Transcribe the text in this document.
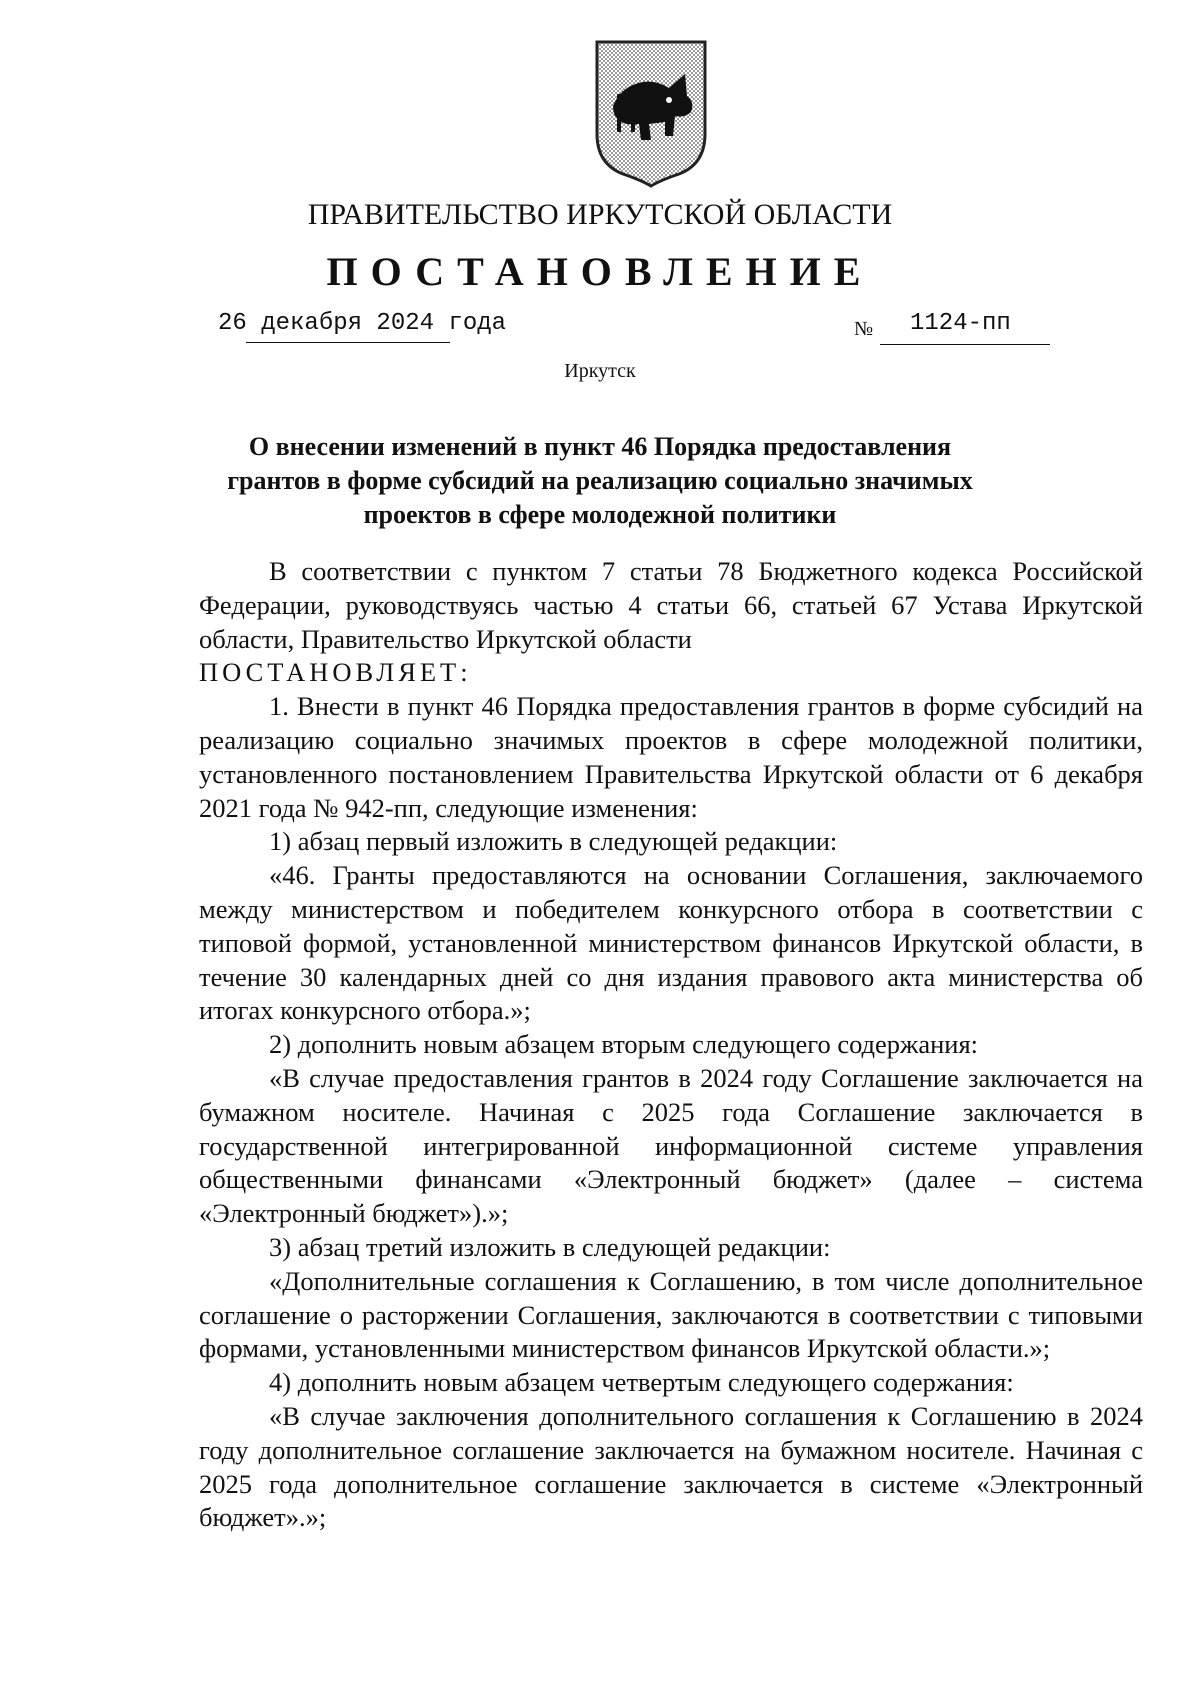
ПРАВИТЕЛЬСТВО ИРКУТСКОЙ ОБЛАСТИ
ПОСТАНОВЛЕНИЕ
26 декабря 2024 года	№ 1124-пп
Иркутск
О внесении изменений в пункт 46 Порядка предоставления грантов в форме субсидий на реализацию социально значимых проектов в сфере молодежной политики

В соответствии с пунктом 7 статьи 78 Бюджетного кодекса Российской Федерации, руководствуясь частью 4 статьи 66, статьей 67 Устава Иркутской области, Правительство Иркутской области

ПОСТАНОВЛЯЕТ:

1. Внести в пункт 46 Порядка предоставления грантов в форме субсидий на реализацию социально значимых проектов в сфере молодежной политики, установленного постановлением Правительства Иркутской области от 6 декабря 2021 года № 942-пп, следующие изменения:

1) абзац первый изложить в следующей редакции:

«46. Гранты предоставляются на основании Соглашения, заключаемого между министерством и победителем конкурсного отбора в соответствии с типовой формой, установленной министерством финансов Иркутской области, в течение 30 календарных дней со дня издания правового акта министерства об итогах конкурсного отбора.»;

2) дополнить новым абзацем вторым следующего содержания:

«В случае предоставления грантов в 2024 году Соглашение заключается на бумажном носителе. Начиная с 2025 года Соглашение заключается в государственной интегрированной информационной системе управления общественными финансами «Электронный бюджет» (далее – система «Электронный бюджет»).»;

3) абзац третий изложить в следующей редакции:

«Дополнительные соглашения к Соглашению, в том числе дополнительное соглашение о расторжении Соглашения, заключаются в соответствии с типовыми формами, установленными министерством финансов Иркутской области.»;

4) дополнить новым абзацем четвертым следующего содержания:

«В случае заключения дополнительного соглашения к Соглашению в 2024 году дополнительное соглашение заключается на бумажном носителе. Начиная с 2025 года дополнительное соглашение заключается в системе «Электронный бюджет».»;
